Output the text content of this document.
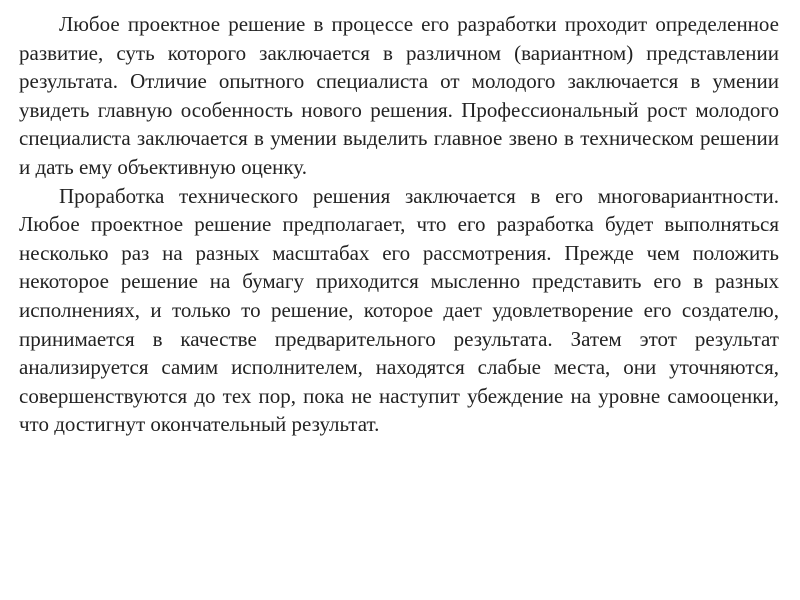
Любое проектное решение в процессе его разработки проходит определенное развитие, суть которого заключается в различном (вариантном) представлении результата. Отличие опытного специалиста от молодого заключается в умении увидеть главную особенность нового решения. Профессиональный рост молодого специалиста заключается в умении выделить главное звено в техническом решении и дать ему объективную оценку.

Проработка технического решения заключается в его многовариантности. Любое проектное решение предполагает, что его разработка будет выполняться несколько раз на разных масштабах его рассмотрения. Прежде чем положить некоторое решение на бумагу приходится мысленно представить его в разных исполнениях, и только то решение, которое дает удовлетворение его создателю, принимается в качестве предварительного результата. Затем этот результат анализируется самим исполнителем, находятся слабые места, они уточняются, совершенствуются до тех пор, пока не наступит убеждение на уровне самооценки, что достигнут окончательный результат.
